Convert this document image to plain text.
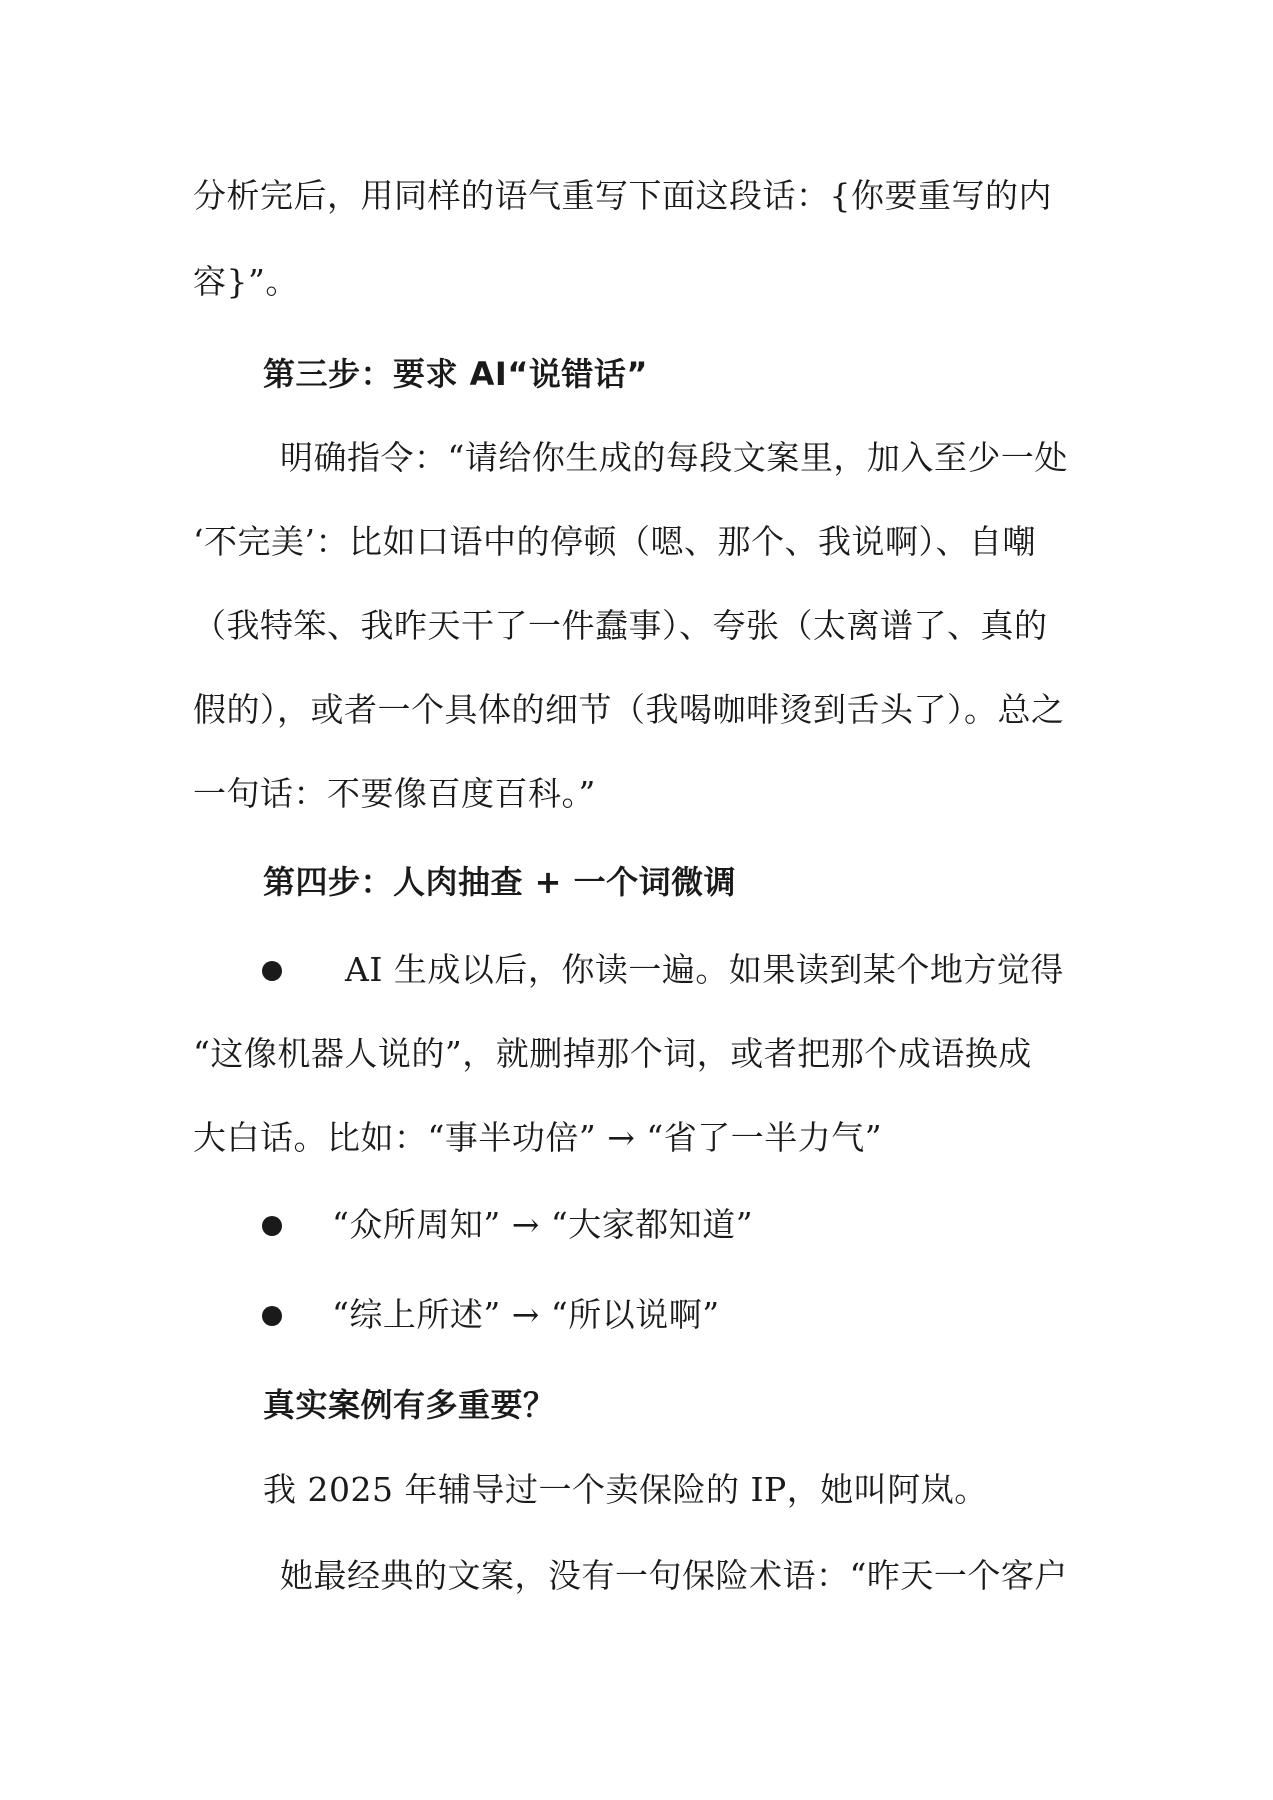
分析完后，用同样的语气重写下面这段话：{你要重写的内
容}”。
第三步：要求 AI“说错话”
明确指令：“请给你生成的每段文案里，加入至少一处
‘不完美’：比如口语中的停顿（嗯、那个、我说啊）、自嘲
（我特笨、我昨天干了一件蠢事）、夸张（太离谱了、真的
假的），或者一个具体的细节（我喝咖啡烫到舌头了）。总之
一句话：不要像百度百科。”
第四步：人肉抽查 + 一个词微调
AI 生成以后，你读一遍。如果读到某个地方觉得
“这像机器人说的”，就删掉那个词，或者把那个成语换成
大白话。比如：“事半功倍” → “省了一半力气”
“众所周知” → “大家都知道”
“综上所述” → “所以说啊”
真实案例有多重要？
我 2025 年辅导过一个卖保险的 IP，她叫阿岚。
她最经典的文案，没有一句保险术语：“昨天一个客户
